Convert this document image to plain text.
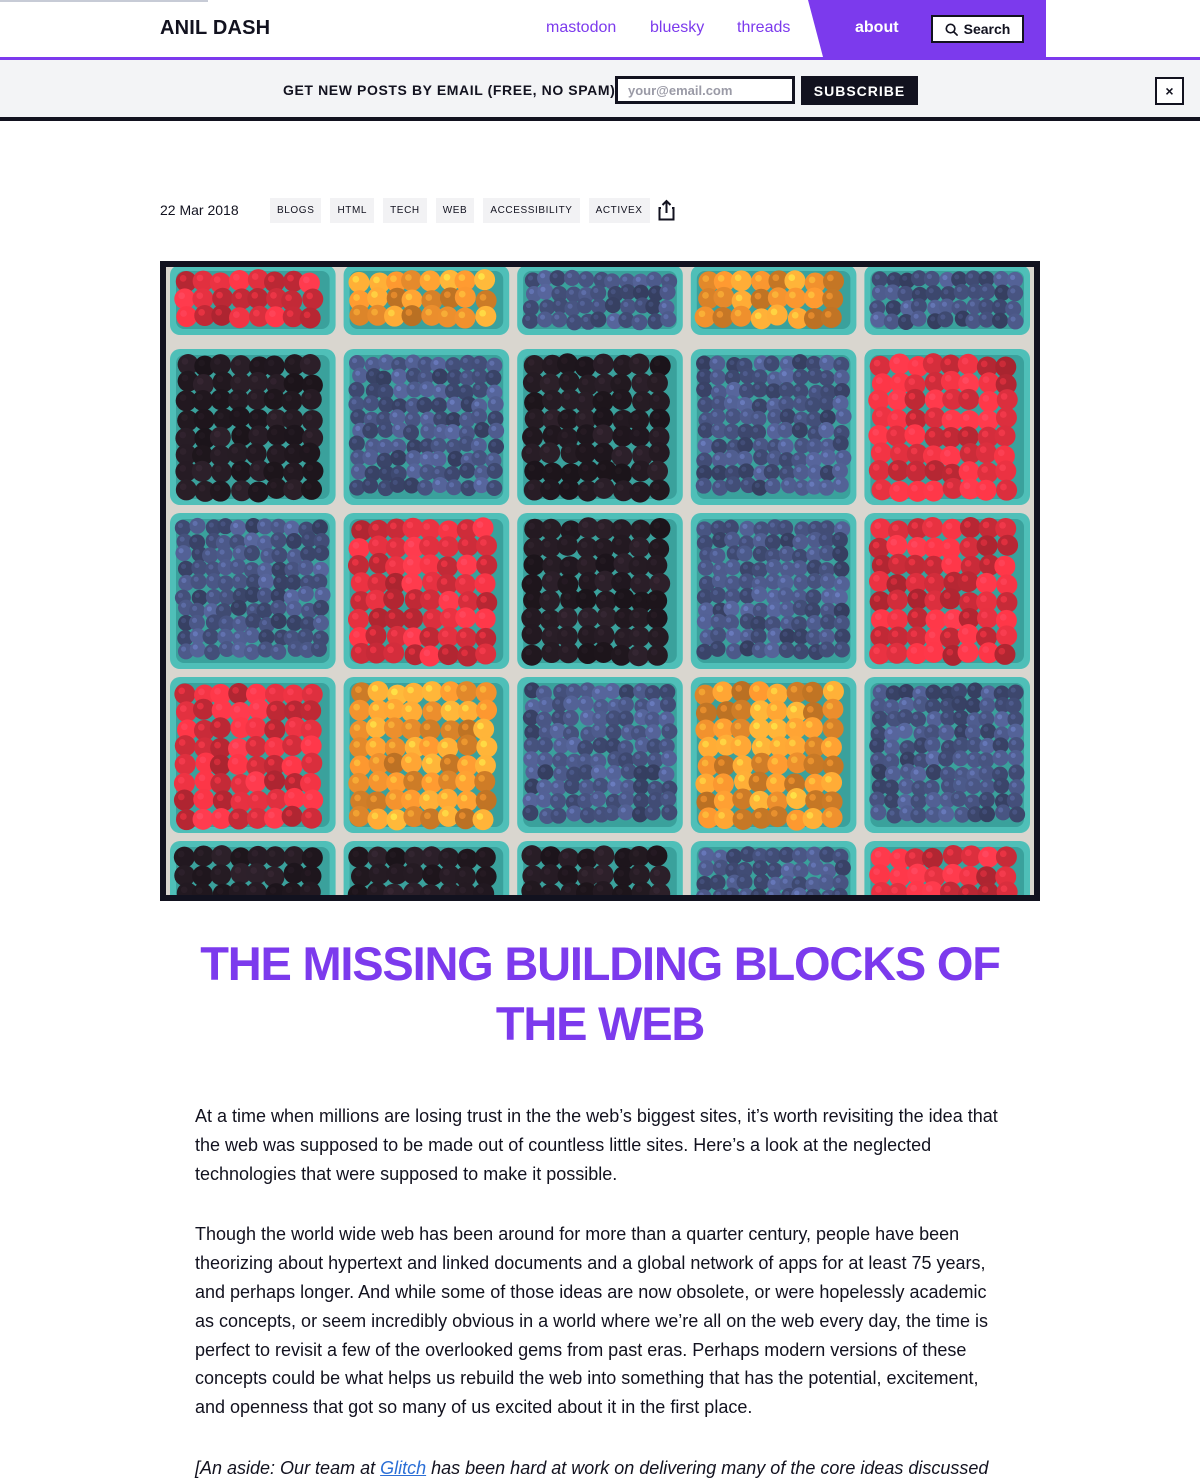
ANIL DASH	mastodon bluesky threads	about	Search
GET NEW POSTS BY EMAIL (FREE, NO SPAM)
your@email.com	SUBSCRIBE	×
22 Mar 2018	BLOGS	HTML	TECH	WEB	ACCESSIBILITY	ACTIVEX
THE MISSING BUILDING BLOCKS OF THE WEB

At a time when millions are losing trust in the the web’s biggest sites, it’s worth revisiting the idea that the web was supposed to be made out of countless little sites. Here’s a look at the neglected technologies that were supposed to make it possible.

Though the world wide web has been around for more than a quarter century, people have been theorizing about hypertext and linked documents and a global network of apps for at least 75 years, and perhaps longer. And while some of those ideas are now obsolete, or were hopelessly academic as concepts, or seem incredibly obvious in a world where we’re all on the web every day, the time is perfect to revisit a few of the overlooked gems from past eras. Perhaps modern versions of these concepts could be what helps us rebuild the web into something that has the potential, excitement, and openness that got so many of us excited about it in the first place.

[An aside: Our team at Glitch has been hard at work on delivering many of the core ideas discussed
